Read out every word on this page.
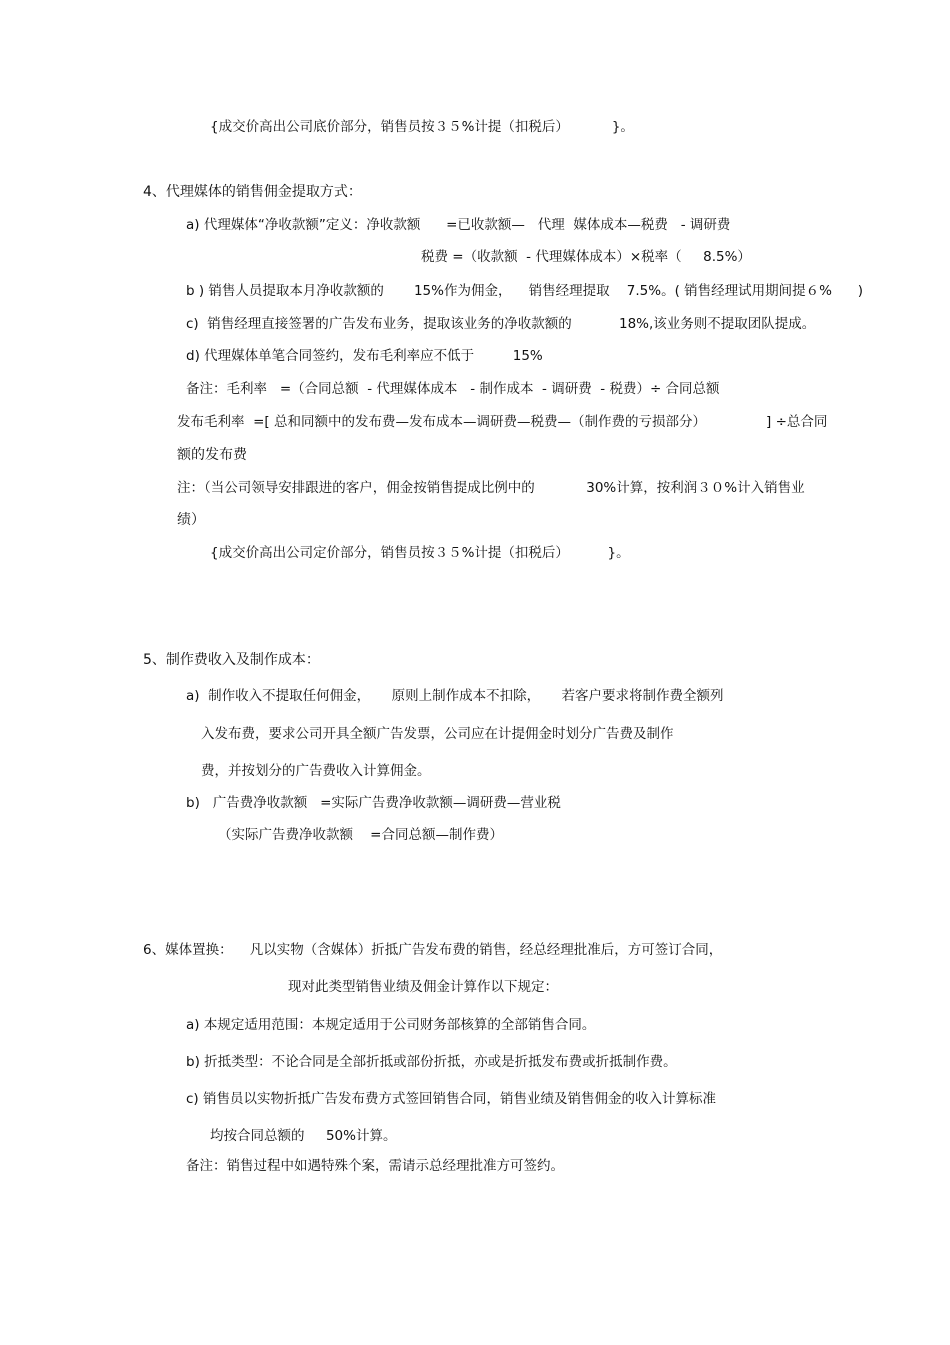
{成交价高出公司底价部分，销售员按３５%计提（扣税后）          }。
4、代理媒体的销售佣金提取方式：
a) 代理媒体“净收款额”定义：净收款额      =已收款额—   代理  媒体成本—税费   - 调研费
税费 =（收款额  - 代理媒体成本）×税率（     8.5%）
b ) 销售人员提取本月净收款额的       15%作为佣金，    销售经理提取    7.5%。( 销售经理试用期间提６%      )
c)  销售经理直接签署的广告发布业务，提取该业务的净收款额的           18%,该业务则不提取团队提成。
d) 代理媒体单笔合同签约，发布毛利率应不低于         15%
备注：毛利率   =（合同总额  - 代理媒体成本   - 制作成本  - 调研费  - 税费）÷ 合同总额
发布毛利率  =[ 总和同额中的发布费—发布成本—调研费—税费—（制作费的亏损部分）              ] ÷总合同
额的发布费
注：（当公司领导安排跟进的客户，佣金按销售提成比例中的            30%计算，按利润３０%计入销售业
绩）
{成交价高出公司定价部分，销售员按３５%计提（扣税后）         }。
5、制作费收入及制作成本：
a)  制作收入不提取任何佣金，     原则上制作成本不扣除，     若客户要求将制作费全额列
入发布费，要求公司开具全额广告发票，公司应在计提佣金时划分广告费及制作
费，并按划分的广告费收入计算佣金。
b)   广告费净收款额   =实际广告费净收款额—调研费—营业税
（实际广告费净收款额    =合同总额—制作费）
6、媒体置换：    凡以实物（含媒体）折抵广告发布费的销售，经总经理批准后，方可签订合同，
现对此类型销售业绩及佣金计算作以下规定：
a) 本规定适用范围：本规定适用于公司财务部核算的全部销售合同。
b) 折抵类型：不论合同是全部折抵或部份折抵，亦或是折抵发布费或折抵制作费。
c) 销售员以实物折抵广告发布费方式签回销售合同，销售业绩及销售佣金的收入计算标准
均按合同总额的     50%计算。
备注：销售过程中如遇特殊个案，需请示总经理批准方可签约。
